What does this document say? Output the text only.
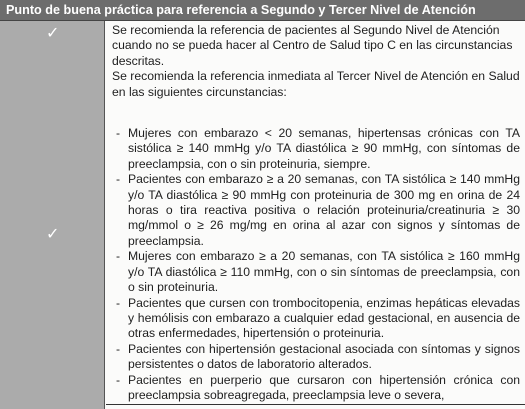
Punto de buena práctica para referencia a Segundo y Tercer Nivel de Atención
✓
✓

Se recomienda la referencia de pacientes al Segundo Nivel de Atención cuando no se pueda hacer al Centro de Salud tipo C en las circunstancias descritas.

Se recomienda la referencia inmediata al Tercer Nivel de Atención en Salud en las siguientes circunstancias:

- Mujeres con embarazo < 20 semanas, hipertensas crónicas con TA sistólica ≥ 140 mmHg y/o TA diastólica ≥ 90 mmHg, con síntomas de preeclampsia, con o sin proteinuria, siempre.
- Pacientes con embarazo ≥ a 20 semanas, con TA sistólica ≥ 140 mmHg y/o TA diastólica ≥ 90 mmHg con proteinuria de 300 mg en orina de 24 horas o tira reactiva positiva o relación proteinuria/creatinuria ≥ 30 mg/mmol o ≥ 26 mg/mg en orina al azar con signos y síntomas de preeclampsia.
- Mujeres con embarazo ≥ a 20 semanas, con TA sistólica ≥ 160 mmHg y/o TA diastólica ≥ 110 mmHg, con o sin síntomas de preeclampsia, con o sin proteinuria.
- Pacientes que cursen con trombocitopenia, enzimas hepáticas elevadas y hemólisis con embarazo a cualquier edad gestacional, en ausencia de otras enfermedades, hipertensión o proteinuria.
- Pacientes con hipertensión gestacional asociada con síntomas y signos persistentes o datos de laboratorio alterados.
- Pacientes en puerperio que cursaron con hipertensión crónica con preeclampsia sobreagregada, preeclampsia leve o severa,
